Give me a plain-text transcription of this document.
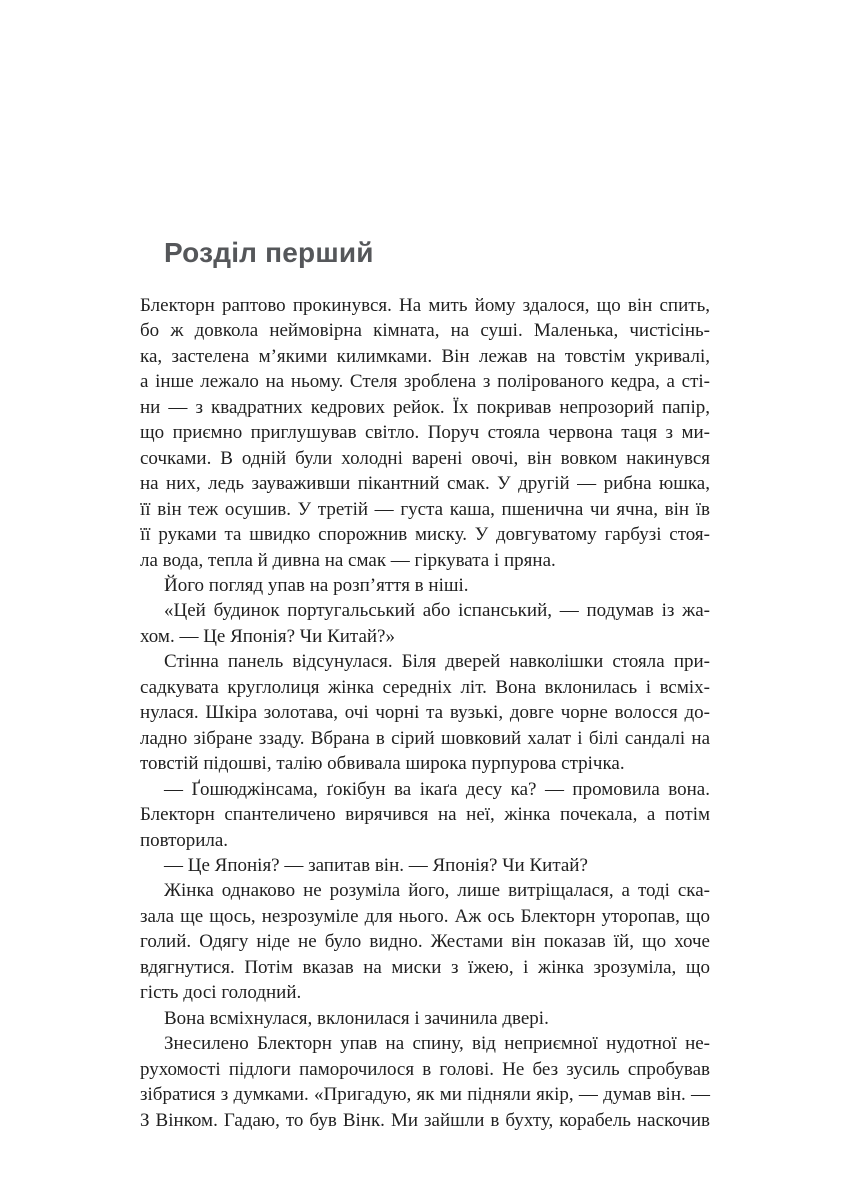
Розділ перший

Блекторн раптово прокинувся. На мить йому здалося, що він спить,
бо ж довкола неймовірна кімната, на суші. Маленька, чистісінь-
ка, застелена м’якими килимками. Він лежав на товстім укривалі,
а інше лежало на ньому. Стеля зроблена з полірованого кедра, а сті-
ни — з квадратних кедрових рейок. Їх покривав непрозорий папір,
що приємно приглушував світло. Поруч стояла червона таця з ми-
сочками. В одній були холодні варені овочі, він вовком накинувся
на них, ледь зауваживши пікантний смак. У другій — рибна юшка,
її він теж осушив. У третій — густа каша, пшенична чи ячна, він їв
її руками та швидко спорожнив миску. У довгуватому гарбузі стоя-
ла вода, тепла й дивна на смак — гіркувата і пряна.

Його погляд упав на розп’яття в ніші.

«Цей будинок португальський або іспанський, — подумав із жа-
хом. — Це Японія? Чи Китай?»

Стінна панель відсунулася. Біля дверей навколішки стояла при-
садкувата круглолиця жінка середніх літ. Вона вклонилась і всміх-
нулася. Шкіра золотава, очі чорні та вузькі, довге чорне волосся до-
ладно зібране ззаду. Вбрана в сірий шовковий халат і білі сандалі на
товстій підошві, талію обвивала широка пурпурова стрічка.

— Ґошюджінсама, ґокібун ва ікаґа десу ка? — промовила вона.
Блекторн спантеличено вирячився на неї, жінка почекала, а потім
повторила.

— Це Японія? — запитав він. — Японія? Чи Китай?

Жінка однаково не розуміла його, лише витріщалася, а тоді ска-
зала ще щось, незрозуміле для нього. Аж ось Блекторн уторопав, що
голий. Одягу ніде не було видно. Жестами він показав їй, що хоче
вдягнутися. Потім вказав на миски з їжею, і жінка зрозуміла, що
гість досі голодний.

Вона всміхнулася, вклонилася і зачинила двері.

Знесилено Блекторн упав на спину, від неприємної нудотної не-
рухомості підлоги паморочилося в голові. Не без зусиль спробував
зібратися з думками. «Пригадую, як ми підняли якір, — думав він. —
З Вінком. Гадаю, то був Вінк. Ми зайшли в бухту, корабель наскочив
